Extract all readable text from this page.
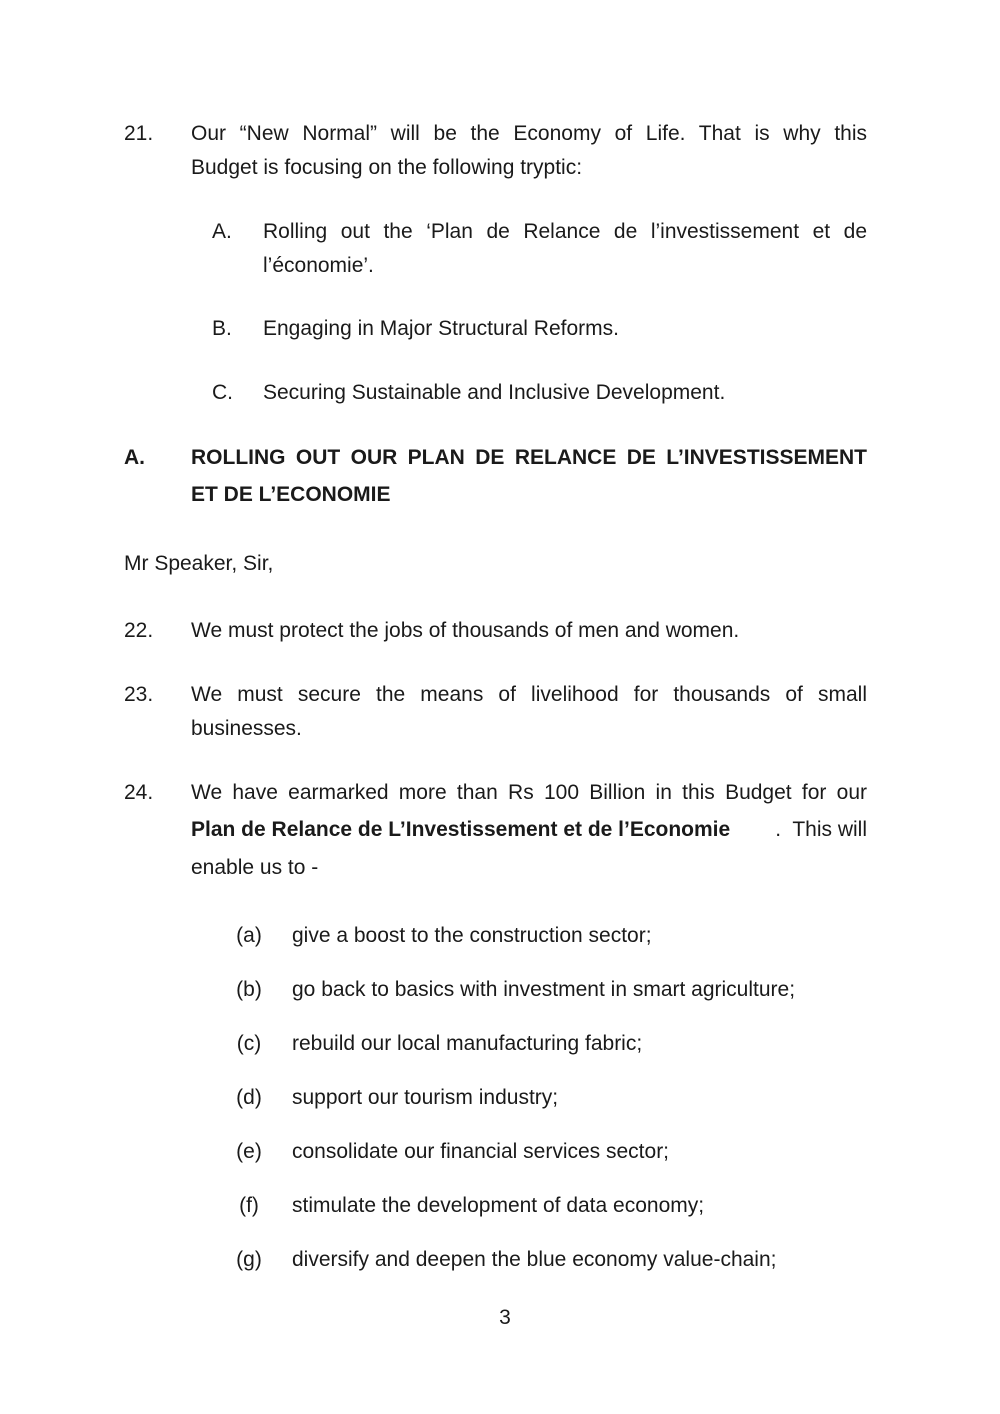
21. Our “New Normal” will be the Economy of Life. That is why this
Budget is focusing on the following tryptic:
A. Rolling out the ‘Plan de Relance de l’investissement et de
l’économie’.
B. Engaging in Major Structural Reforms.
C. Securing Sustainable and Inclusive Development.
A. ROLLING OUT OUR PLAN DE RELANCE DE L’INVESTISSEMENT
ET DE L’ECONOMIE
Mr Speaker, Sir,
22. We must protect the jobs of thousands of men and women.
23. We must secure the means of livelihood for thousands of small
businesses.
24. We have earmarked more than Rs 100 Billion in this Budget for our
Plan de Relance de L’Investissement et de l’Economie .  This will
enable us to -
(a)	give a boost to the construction sector;
(b)	go back to basics with investment in smart agriculture;
(c)	rebuild our local manufacturing fabric;
(d)	support our tourism industry;
(e)	consolidate our financial services sector;
(f)	stimulate the development of data economy;
(g)	diversify and deepen the blue economy value-chain;
3
